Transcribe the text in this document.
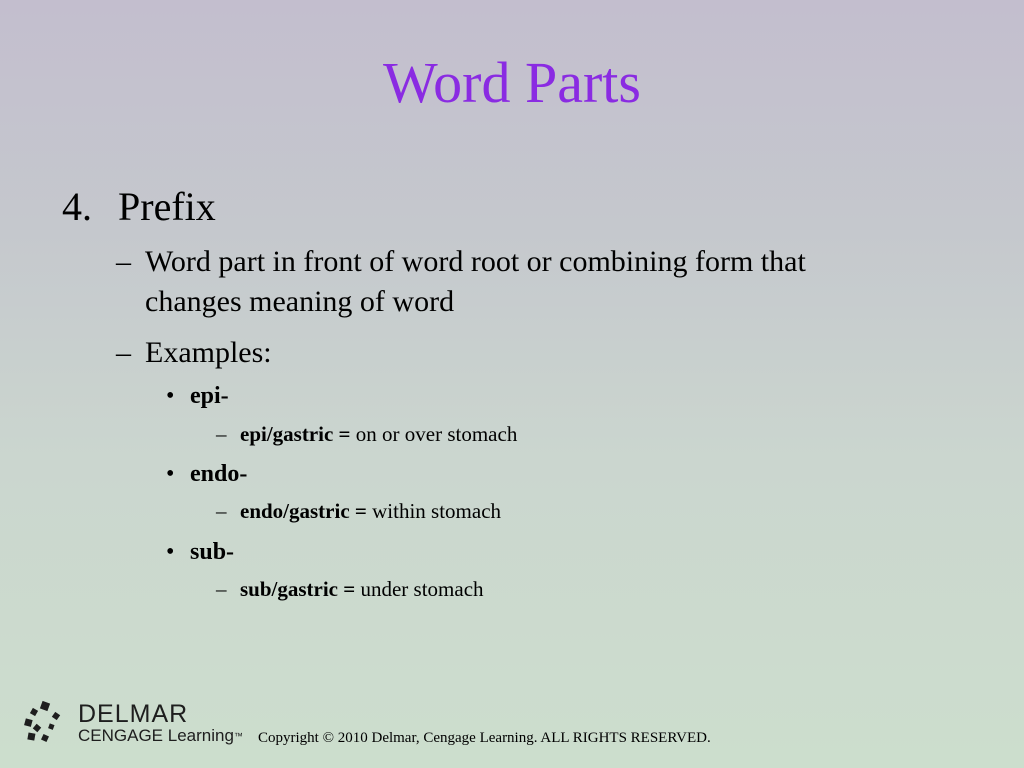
Word Parts
4. Prefix
– Word part in front of word root or combining form that
changes meaning of word
– Examples:
• epi-
– epi/gastric = on or over stomach
• endo-
– endo/gastric = within stomach
• sub-
– sub/gastric = under stomach
DELMAR
CENGAGE Learning™ Copyright © 2010 Delmar, Cengage Learning. ALL RIGHTS RESERVED.
